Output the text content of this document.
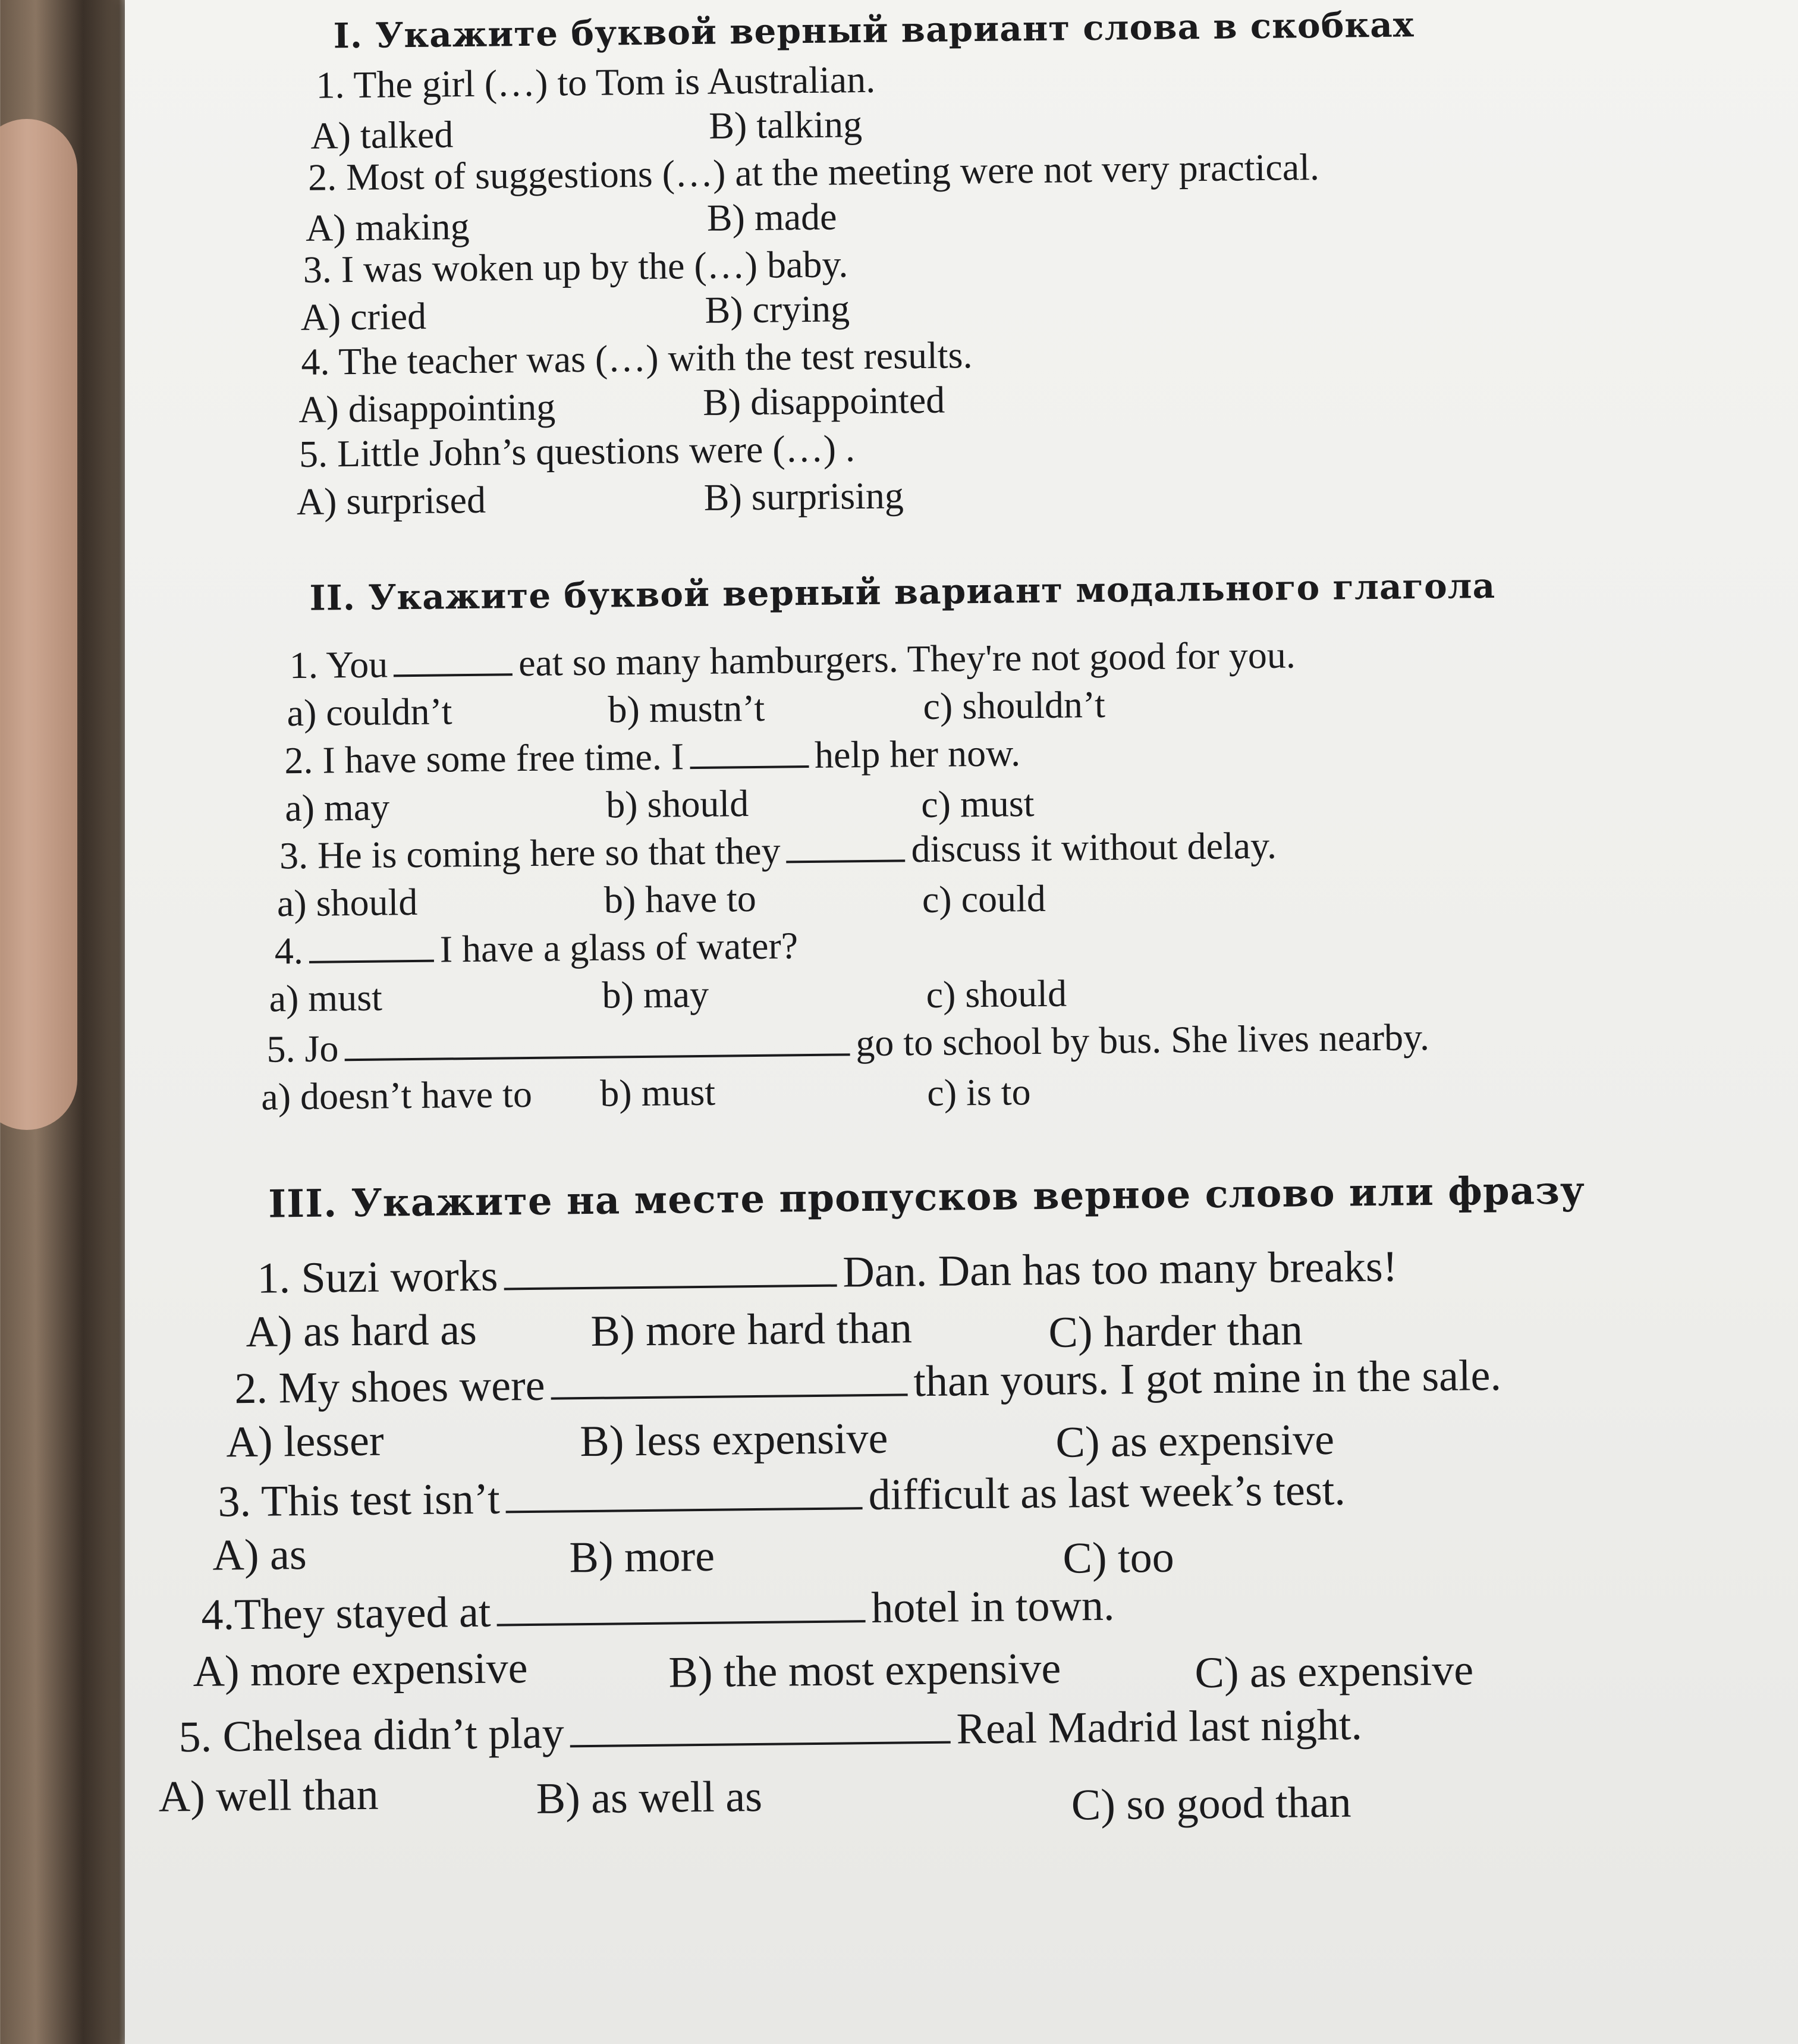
I. Укажите буквой верный вариант слова в скобках
1. The girl (…) to Tom is Australian.
A) talked	B) talking
2. Most of suggestions (…) at the meeting were not very practical.
A) making	B) made
3. I was woken up by the (…) baby.
A) cried	B) crying
4. The teacher was (…) with the test results.
A) disappointing	B) disappointed
5. Little John’s questions were (…) .
A) surprised	B) surprising
II. Укажите буквой верный вариант модального глагола
1. You	eat so many hamburgers. They're not good for you.
a) couldn’t	b) mustn’t	c) shouldn’t
2. I have some free time. I	help her now.
a) may	b) should	c) must
3. He is coming here so that they	discuss it without delay.
a) should	b) have to	c) could
4.	I have a glass of water?
a) must	b) may	c) should
5. Jo	go to school by bus. She lives nearby.
a) doesn’t have to b) must	c) is to
III. Укажите на месте пропусков верное слово или фразу
1. Suzi works	Dan. Dan has too many breaks!
A) as hard as	B) more hard than	C) harder than
2. My shoes were	than yours. I got mine in the sale.
A) lesser	B) less expensive	C) as expensive
3. This test isn’t	difficult as last week’s test.
A) as	B) more	C) too
4.They stayed at	hotel in town.
A) more expensive	B) the most expensive	C) as expensive
5. Chelsea didn’t play	Real Madrid last night.
A) well than	B) as well as	C) so good than
